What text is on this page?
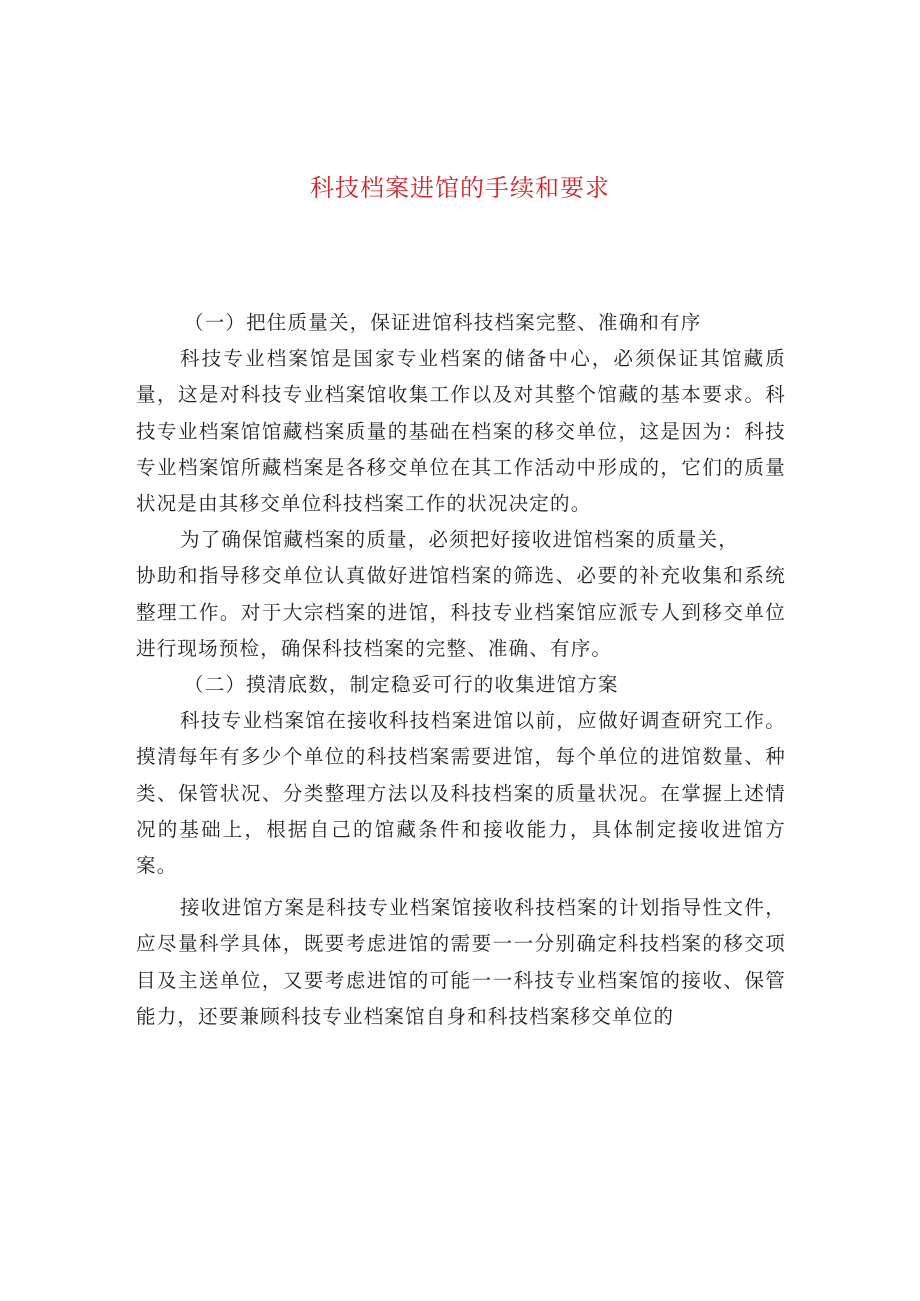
科技档案进馆的手续和要求

（一）把住质量关，保证进馆科技档案完整、准确和有序

科技专业档案馆是国家专业档案的储备中心，必须保证其馆藏质量，这是对科技专业档案馆收集工作以及对其整个馆藏的基本要求。科技专业档案馆馆藏档案质量的基础在档案的移交单位，这是因为：科技专业档案馆所藏档案是各移交单位在其工作活动中形成的，它们的质量状况是由其移交单位科技档案工作的状况决定的。

为了确保馆藏档案的质量，必须把好接收进馆档案的质量关，

协助和指导移交单位认真做好进馆档案的筛选、必要的补充收集和系统整理工作。对于大宗档案的进馆，科技专业档案馆应派专人到移交单位进行现场预检，确保科技档案的完整、准确、有序。

（二）摸清底数，制定稳妥可行的收集进馆方案

科技专业档案馆在接收科技档案进馆以前，应做好调查研究工作。摸清每年有多少个单位的科技档案需要进馆，每个单位的进馆数量、种类、保管状况、分类整理方法以及科技档案的质量状况。在掌握上述情况的基础上，根据自己的馆藏条件和接收能力，具体制定接收进馆方案。

接收进馆方案是科技专业档案馆接收科技档案的计划指导性文件，应尽量科学具体，既要考虑进馆的需要一一分别确定科技档案的移交项目及主送单位，又要考虑进馆的可能一一科技专业档案馆的接收、保管能力，还要兼顾科技专业档案馆自身和科技档案移交单位的
